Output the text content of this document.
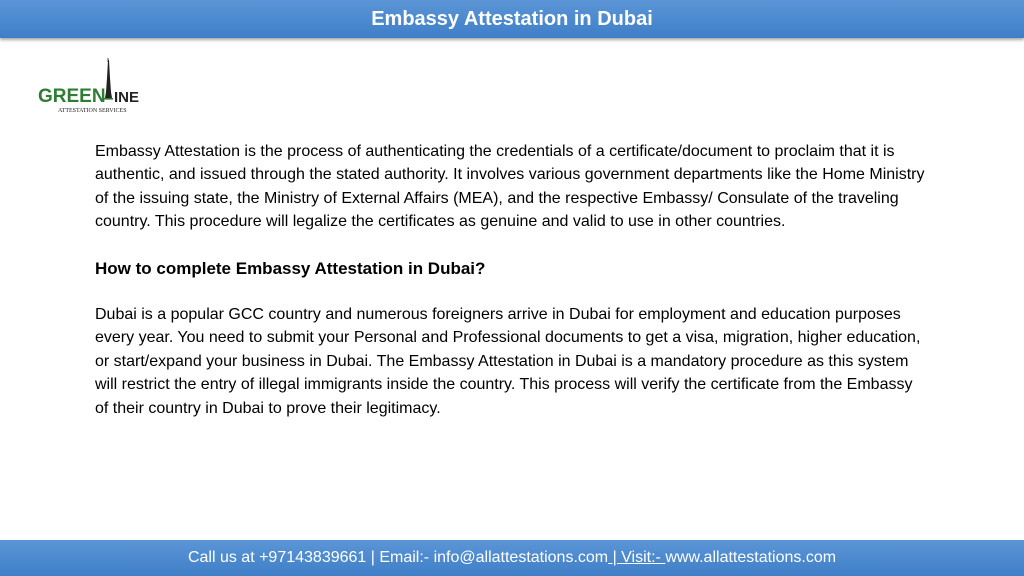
Embassy Attestation in Dubai
GREEN INE
ATTESTATION SERVICES

Embassy Attestation is the process of authenticating the credentials of a certificate/document to proclaim that it is authentic, and issued through the stated authority. It involves various government departments like the Home Ministry of the issuing state, the Ministry of External Affairs (MEA), and the respective Embassy/ Consulate of the traveling country. This procedure will legalize the certificates as genuine and valid to use in other countries.

How to complete Embassy Attestation in Dubai?

Dubai is a popular GCC country and numerous foreigners arrive in Dubai for employment and education purposes every year. You need to submit your Personal and Professional documents to get a visa, migration, higher education, or start/expand your business in Dubai. The Embassy Attestation in Dubai is a mandatory procedure as this system will restrict the entry of illegal immigrants inside the country. This process will verify the certificate from the Embassy of their country in Dubai to prove their legitimacy.

Call us at +97143839661 | Email:- info@allattestations.com | Visit:- www.allattestations.com
